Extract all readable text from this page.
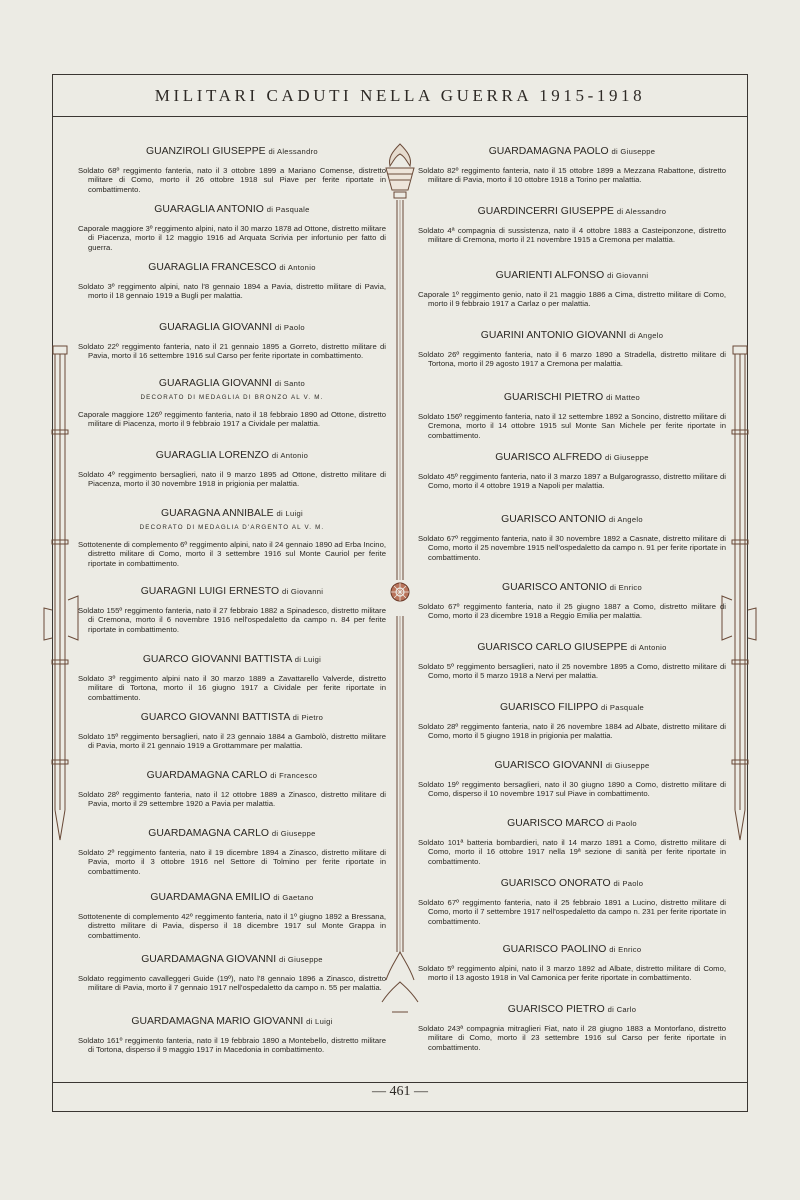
MILITARI CADUTI NELLA GUERRA 1915-1918
GUANZIROLI GIUSEPPE di Alessandro
Soldato 68º reggimento fanteria, nato il 3 ottobre 1899 a Mariano Comense, distretto militare di Como, morto il 26 ottobre 1918 sul Piave per ferite riportate in combattimento.
GUARAGLIA ANTONIO di Pasquale
Caporale maggiore 3º reggimento alpini, nato il 30 marzo 1878 ad Ottone, distretto militare di Piacenza, morto il 12 maggio 1916 ad Arquata Scrivia per infortunio per fatto di guerra.
GUARAGLIA FRANCESCO di Antonio
Soldato 3º reggimento alpini, nato l'8 gennaio 1894 a Pavia, distretto militare di Pavia, morto il 18 gennaio 1919 a Bugli per malattia.
GUARAGLIA GIOVANNI di Paolo
Soldato 22º reggimento fanteria, nato il 21 gennaio 1895 a Gorreto, distretto militare di Pavia, morto il 16 settembre 1916 sul Carso per ferite riportate in combattimento.
GUARAGLIA GIOVANNI di Santo
DECORATO DI MEDAGLIA DI BRONZO AL V. M.
Caporale maggiore 126º reggimento fanteria, nato il 18 febbraio 1890 ad Ottone, distretto militare di Piacenza, morto il 9 febbraio 1917 a Cividale per malattia.
GUARAGLIA LORENZO di Antonio
Soldato 4º reggimento bersaglieri, nato il 9 marzo 1895 ad Ottone, distretto militare di Piacenza, morto il 30 novembre 1918 in prigionia per malattia.
GUARAGNA ANNIBALE di Luigi
DECORATO DI MEDAGLIA D'ARGENTO AL V. M.
Sottotenente di complemento 6º reggimento alpini, nato il 24 gennaio 1890 ad Erba Incino, distretto militare di Como, morto il 3 settembre 1916 sul Monte Cauriol per ferite riportate in combattimento.
GUARAGNI LUIGI ERNESTO di Giovanni
Soldato 155º reggimento fanteria, nato il 27 febbraio 1882 a Spinadesco, distretto militare di Cremona, morto il 6 novembre 1916 nell'ospedaletto da campo n. 84 per ferite riportate in combattimento.
GUARCO GIOVANNI BATTISTA di Luigi
Soldato 3º reggimento alpini nato il 30 marzo 1889 a Zavattarello Valverde, distretto militare di Tortona, morto il 16 giugno 1917 a Cividale per ferite riportate in combattimento.
GUARCO GIOVANNI BATTISTA di Pietro
Soldato 15º reggimento bersaglieri, nato il 23 gennaio 1884 a Gambolò, distretto militare di Pavia, morto il 21 gennaio 1919 a Grottammare per malattia.
GUARDAMAGNA CARLO di Francesco
Soldato 28º reggimento fanteria, nato il 12 ottobre 1889 a Zinasco, distretto militare di Pavia, morto il 29 settembre 1920 a Pavia per malattia.
GUARDAMAGNA CARLO di Giuseppe
Soldato 2º reggimento fanteria, nato il 19 dicembre 1894 a Zinasco, distretto militare di Pavia, morto il 3 ottobre 1916 nel Settore di Tolmino per ferite riportate in combattimento.
GUARDAMAGNA EMILIO di Gaetano
Sottotenente di complemento 42º reggimento fanteria, nato il 1º giugno 1892 a Bressana, distretto militare di Pavia, disperso il 18 dicembre 1917 sul Monte Grappa in combattimento.
GUARDAMAGNA GIOVANNI di Giuseppe
Soldato reggimento cavalleggeri Guide (19º), nato l'8 gennaio 1896 a Zinasco, distretto militare di Pavia, morto il 7 gennaio 1917 nell'ospedaletto da campo n. 55 per malattia.
GUARDAMAGNA MARIO GIOVANNI di Luigi
Soldato 161º reggimento fanteria, nato il 19 febbraio 1890 a Montebello, distretto militare di Tortona, disperso il 9 maggio 1917 in Macedonia in combattimento.
GUARDAMAGNA PAOLO di Giuseppe
Soldato 82º reggimento fanteria, nato il 15 ottobre 1899 a Mezzana Rabattone, distretto militare di Pavia, morto il 10 ottobre 1918 a Torino per malattia.
GUARDINCERRI GIUSEPPE di Alessandro
Soldato 4ª compagnia di sussistenza, nato il 4 ottobre 1883 a Casteiponzone, distretto militare di Cremona, morto il 21 novembre 1915 a Cremona per malattia.
GUARIENTI ALFONSO di Giovanni
Caporale 1º reggimento genio, nato il 21 maggio 1886 a Cima, distretto militare di Como, morto il 9 febbraio 1917 a Carlaz o per malattia.
GUARINI ANTONIO GIOVANNI di Angelo
Soldato 26º reggimento fanteria, nato il 6 marzo 1890 a Stradella, distretto militare di Tortona, morto il 29 agosto 1917 a Cremona per malattia.
GUARISCHI PIETRO di Matteo
Soldato 156º reggimento fanteria, nato il 12 settembre 1892 a Soncino, distretto militare di Cremona, morto il 14 ottobre 1915 sul Monte San Michele per ferite riportate in combattimento.
GUARISCO ALFREDO di Giuseppe
Soldato 45º reggimento fanteria, nato il 3 marzo 1897 a Bulgarograsso, distretto militare di Como, morto il 4 ottobre 1919 a Napoli per malattia.
GUARISCO ANTONIO di Angelo
Soldato 67º reggimento fanteria, nato il 30 novembre 1892 a Casnate, distretto militare di Como, morto il 25 novembre 1915 nell'ospedaletto da campo n. 91 per ferite riportate in combattimento.
GUARISCO ANTONIO di Enrico
Soldato 67º reggimento fanteria, nato il 25 giugno 1887 a Como, distretto militare di Como, morto il 23 dicembre 1918 a Reggio Emilia per malattia.
GUARISCO CARLO GIUSEPPE di Antonio
Soldato 5º reggimento bersaglieri, nato il 25 novembre 1895 a Como, distretto militare di Como, morto il 5 marzo 1918 a Nervi per malattia.
GUARISCO FILIPPO di Pasquale
Soldato 28º reggimento fanteria, nato il 26 novembre 1884 ad Albate, distretto militare di Como, morto il 5 giugno 1918 in prigionia per malattia.
GUARISCO GIOVANNI di Giuseppe
Soldato 19º reggimento bersaglieri, nato il 30 giugno 1890 a Como, distretto militare di Como, disperso il 10 novembre 1917 sul Piave in combattimento.
GUARISCO MARCO di Paolo
Soldato 101ª batteria bombardieri, nato il 14 marzo 1891 a Como, distretto militare di Como, morto il 16 ottobre 1917 nella 19ª sezione di sanità per ferite riportate in combattimento.
GUARISCO ONORATO di Paolo
Soldato 67º reggimento fanteria, nato il 25 febbraio 1891 a Lucino, distretto militare di Como, morto il 7 settembre 1917 nell'ospedaletto da campo n. 231 per ferite riportate in combattimento.
GUARISCO PAOLINO di Enrico
Soldato 5º reggimento alpini, nato il 3 marzo 1892 ad Albate, distretto militare di Como, morto il 13 agosto 1918 in Val Camonica per ferite riportate in combattimento.
GUARISCO PIETRO di Carlo
Soldato 243ª compagnia mitraglieri Fiat, nato il 28 giugno 1883 a Montorfano, distretto militare di Como, morto il 23 settembre 1916 sul Carso per ferite riportate in combattimento.
— 461 —
